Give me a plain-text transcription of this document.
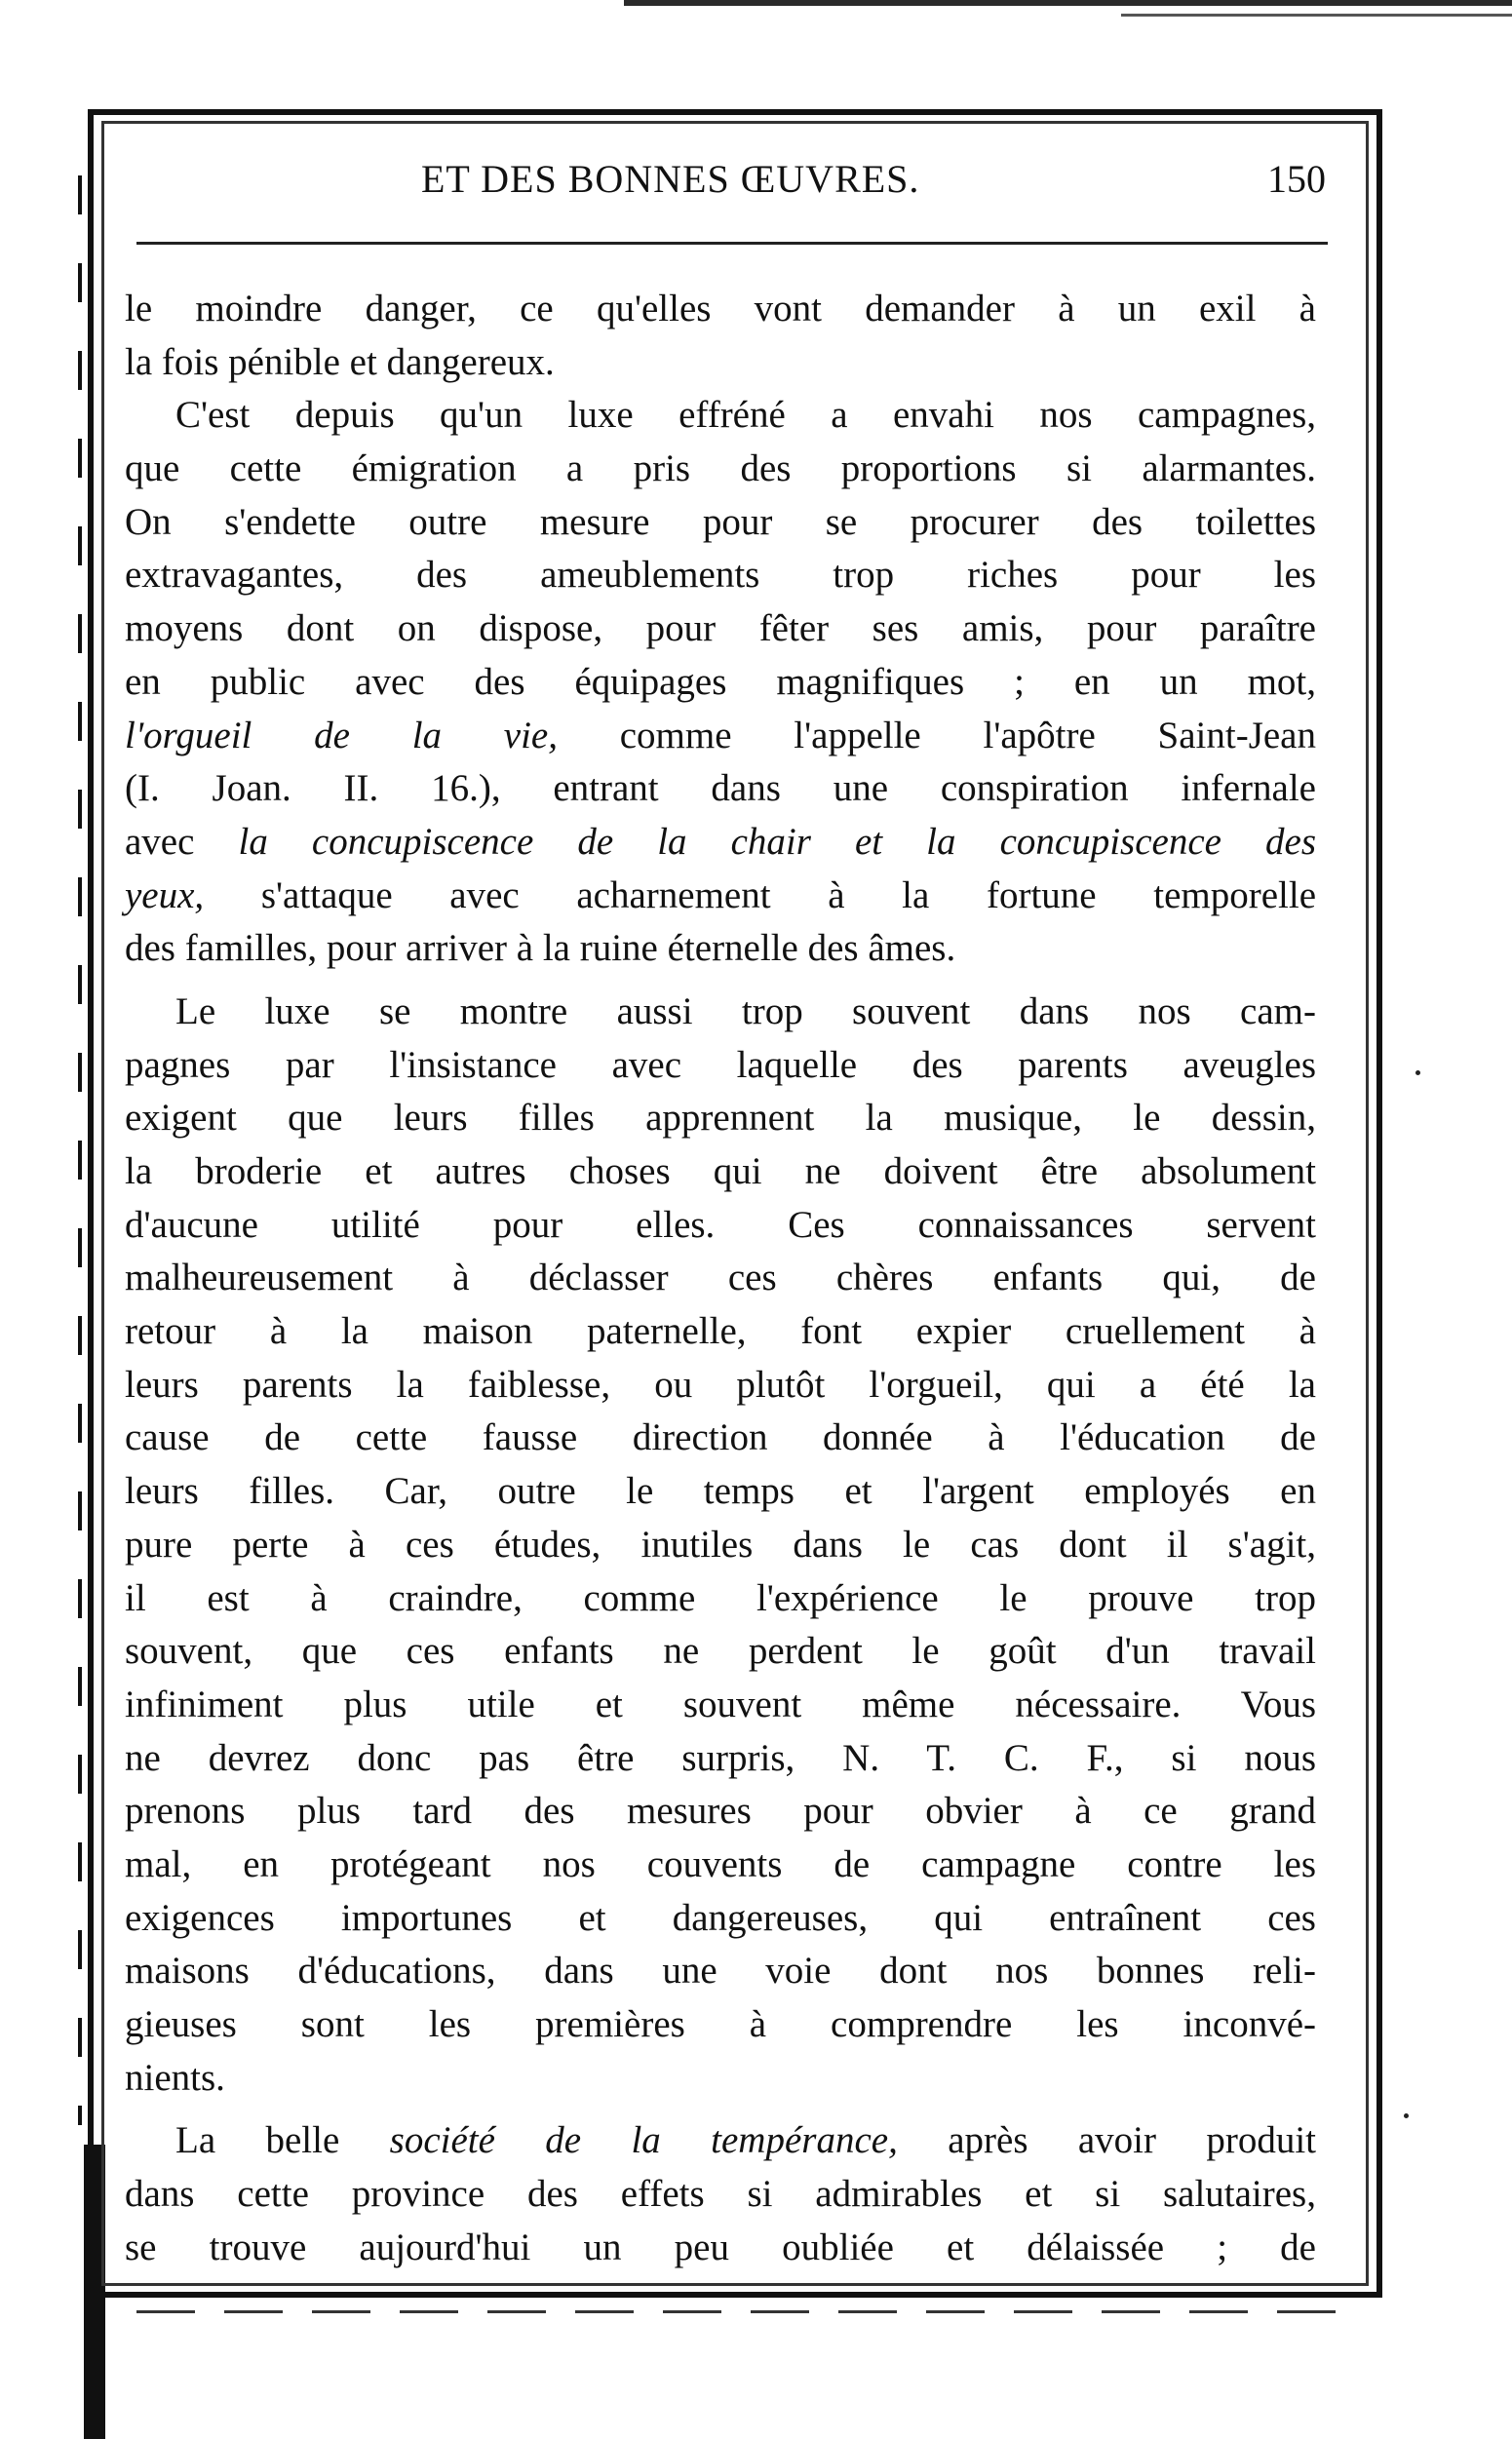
ET DES BONNES ŒUVRES.	150
le moindre danger, ce qu'elles vont demander à un exil à
la fois pénible et dangereux.
C'est depuis qu'un luxe effréné a envahi nos campagnes,
que cette émigration a pris des proportions si alarmantes.
On s'endette outre mesure pour se procurer des toilettes
extravagantes, des ameublements trop riches pour les
moyens dont on dispose, pour fêter ses amis, pour paraître
en public avec des équipages magnifiques ; en un mot,
l'orgueil de la vie, comme l'appelle l'apôtre Saint-Jean
(I. Joan. II. 16.), entrant dans une conspiration infernale
avec la concupiscence de la chair et la concupiscence des
yeux, s'attaque avec acharnement à la fortune temporelle
des familles, pour arriver à la ruine éternelle des âmes.
Le luxe se montre aussi trop souvent dans nos cam-
pagnes par l'insistance avec laquelle des parents aveugles
exigent que leurs filles apprennent la musique, le dessin,
la broderie et autres choses qui ne doivent être absolument
d'aucune utilité pour elles. Ces connaissances servent
malheureusement à déclasser ces chères enfants qui, de
retour à la maison paternelle, font expier cruellement à
leurs parents la faiblesse, ou plutôt l'orgueil, qui a été la
cause de cette fausse direction donnée à l'éducation de
leurs filles. Car, outre le temps et l'argent employés en
pure perte à ces études, inutiles dans le cas dont il s'agit,
il est à craindre, comme l'expérience le prouve trop
souvent, que ces enfants ne perdent le goût d'un travail
infiniment plus utile et souvent même nécessaire. Vous
ne devrez donc pas être surpris, N. T. C. F., si nous
prenons plus tard des mesures pour obvier à ce grand
mal, en protégeant nos couvents de campagne contre les
exigences importunes et dangereuses, qui entraînent ces
maisons d'éducations, dans une voie dont nos bonnes reli-
gieuses sont les premières à comprendre les inconvé-
nients.
La belle société de la tempérance, après avoir produit
dans cette province des effets si admirables et si salutaires,
se trouve aujourd'hui un peu oubliée et délaissée ; de
